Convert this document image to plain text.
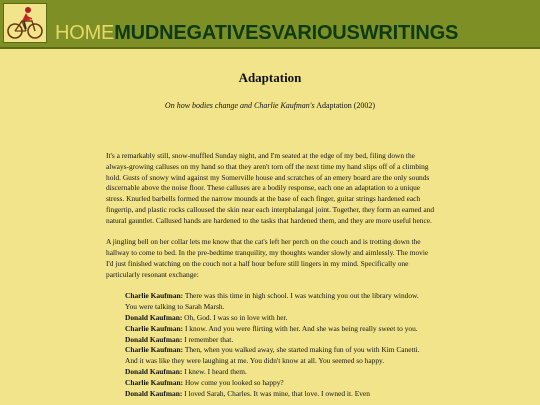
HOMEMUDNEGATIVESVARIOUSWRITINGS
Adaptation
On how bodies change and Charlie Kaufman's Adaptation (2002)

It's a remarkably still, snow-muffled Sunday night, and I'm seated at the edge of my bed, filing down the always-growing calluses on my hand so that they aren't torn off the next time my hand slips off of a climbing hold. Gusts of snowy wind against my Somerville house and scratches of an emery board are the only sounds discernable above the noise floor. These calluses are a bodily response, each one an adaptation to a unique stress. Knurled barbells formed the narrow mounds at the base of each finger, guitar strings hardened each fingertip, and plastic rocks calloused the skin near each interphalangal joint. Together, they form an earned and natural gauntlet. Callused hands are hardened to the tasks that hardened them, and they are more useful hence.

A jingling bell on her collar lets me know that the cat's left her perch on the couch and is trotting down the hallway to come to bed. In the pre-bedtime tranquility, my thoughts wander slowly and aimlessly. The movie I'd just finished watching on the couch not a half hour before still lingers in my mind. Specifically one particularly resonant exchange:

Charlie Kaufman: There was this time in high school. I was watching you out the library window. You were talking to Sarah Marsh.
Donald Kaufman: Oh, God. I was so in love with her.
Charlie Kaufman: I know. And you were flirting with her. And she was being really sweet to you.
Donald Kaufman: I remember that.
Charlie Kaufman: Then, when you walked away, she started making fun of you with Kim Canetti. And it was like they were laughing at me. You didn't know at all. You seemed so happy.
Donald Kaufman: I knew. I heard them.
Charlie Kaufman: How come you looked so happy?
Donald Kaufman: I loved Sarah, Charles. It was mine, that love. I owned it. Even
